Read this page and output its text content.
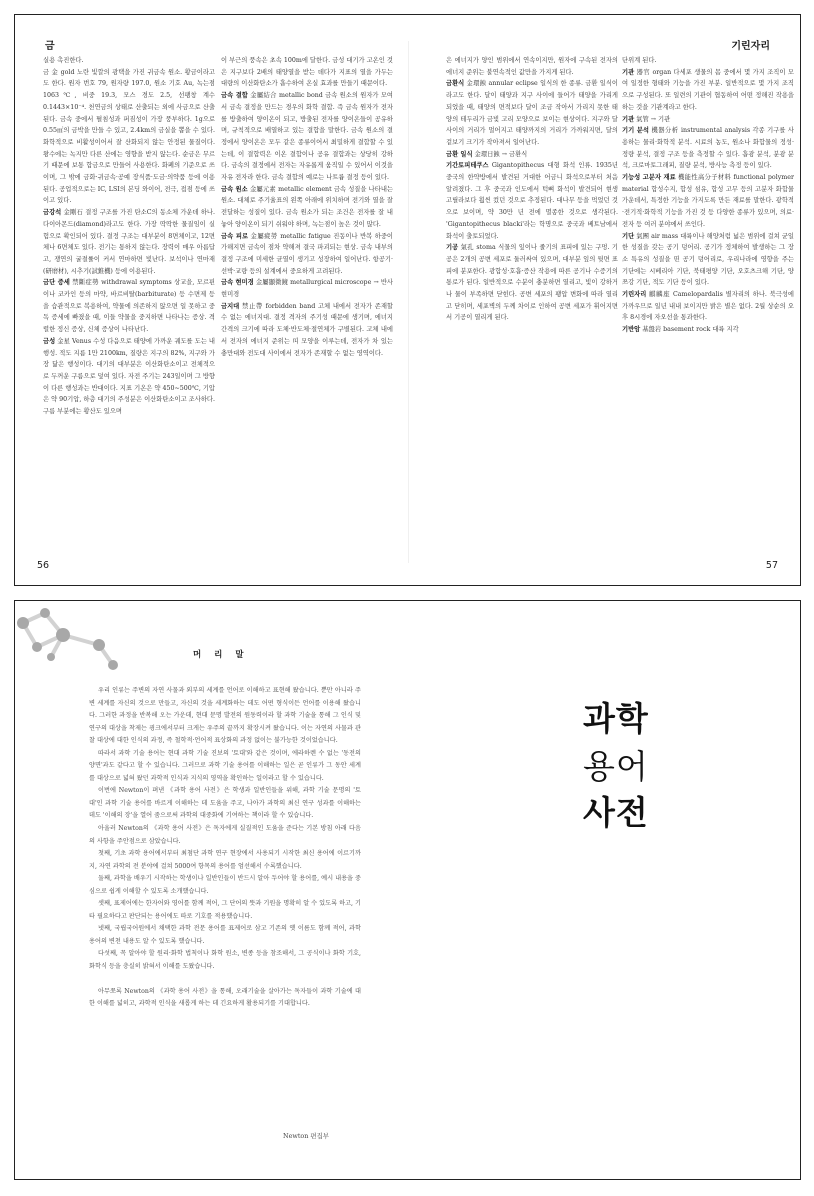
금	기린자리

실용 촉진한다.

금 金 gold 노란 빛깔의 광택을 가진 귀금속 원소. 황금이라고도 한다. 원자 번호 79, 원자량 197.0, 원소 기호 Au, 녹는점 1063℃, 비중 19.3, 모스 경도 2.5, 선팽창 계수 0.1443×10⁻⁴. 천연금의 상태로 산출되는 외에 사금으로 산출된다. 금속 중에서 펼침성과 퍼짐성이 가장 풍부하다. 1g으로 0.55㎡의 금박을 만들 수 있고, 2.4km의 금실을 뽑을 수 있다. 화학적으로 비활성이어서 잘 산화되지 않는 안정된 물질이다. 왕수에는 녹지만 다른 산에는 영향을 받지 않는다. 순금은 무르기 때문에 보통 합금으로 만들어 사용한다. 화폐의 기준으로 쓰이며, 그 밖에 금화·귀금속·공예 장식품·도금·의약품 등에 이용된다. 공업적으로는 IC, LSI의 본딩 와이어, 전극, 접점 등에 쓰이고 있다.

금강석 金剛石 결정 구조를 가진 탄소C의 동소체 가운데 하나. 다이아몬드(diamond)라고도 한다. 가장 딱딱한 물질임이 실험으로 확인되어 있다. 결정 구조는 대부분이 8면체이고, 12면체나 6면체도 있다. 전기는 통하지 않는다. 장력이 매우 아름답고, 쟁연의 굴절률이 커서 연마하면 빛난다. 보석이나 연마재(研磨材), 시추기(試錐機) 등에 이용된다.

금단 증세 禁斷症勢 withdrawal symptoms 상교을, 모르핀이나 코카인 등의 마약, 바르비탈(barbiturate) 등 수면제 등을 습관적으로 복용하여, 약물에 의존하지 않으면 일 못하고 중독 증세에 빠졌을 때, 이들 약물을 중지하면 나타나는 증상. 격렬한 정신 증상, 신체 증상이 나타난다.

금성 金星 Venus 수성 다음으로 태양에 가까운 궤도를 도는 내행성. 적도 지름 1만 2100km, 질량은 지구의 82%, 지구와 가장 닮은 행성이다. 대기의 대부분은 이산화탄소이고 전체적으로 두꺼운 구름으로 덮여 있다. 자전 주기는 243일이며 그 방향이 다른 행성과는 반대이다. 지표 기온은 약 450~500℃, 기압은 약 90기압, 하층 대기의 주성분은 이산화탄소이고 조사하다. 구름 부분에는 황산도 있으며

이 부근의 풍속은 초속 100m에 달한다. 금성 대기가 고온인 것은 지구보다 2배의 태양열을 받는 데다가 지표의 열을 가두는 대량의 이산화탄소가 흡수하여 온실 효과를 만들기 때문이다.

금속 결합 金屬結合 metallic bond 금속 원소의 원자가 모여서 금속 결정을 만드는 경우의 화학 결합. 즉 금속 원자가 전자를 방출하여 양이온이 되고, 방출된 전자를 양이온들이 공유하며, 규칙적으로 배열하고 있는 결합을 말한다. 금속 원소의 결정에서 양이온은 모두 같은 종류이어서 최밀하게 결합할 수 있는데, 이 결합력은 이온 결합이나 공유 결합과는 상당히 강하다. 금속의 결정에서 전자는 자유롭게 움직일 수 있어서 이것을 자유 전자라 한다. 금속 결합의 예로는 나트륨 결정 등이 있다.

금속 원소 金屬元素 metallic element 금속 성질을 나타내는 원소. 대체로 주기율표의 왼쪽 아래에 위치하며 전기와 열을 잘 전달하는 성질이 있다. 금속 원소가 되는 조건은 전자를 잘 내놓아 양이온이 되기 쉬워야 하며, 녹는점이 높은 것이 많다.

금속 피로 金屬疲勞 metallic fatigue 진동이나 반복 하중이 가해지면 금속이 점차 약해져 결국 파괴되는 현상. 금속 내부의 결정 구조에 미세한 균열이 생기고 성장하여 일어난다. 항공기·선박·교량 등의 설계에서 중요하게 고려된다.

금속 현미경 金屬顯微鏡 metallurgical microscope → 반사 현미경

금지대 禁止帶 forbidden band 고체 내에서 전자가 존재할 수 없는 에너지대. 결정 격자의 주기성 때문에 생기며, 에너지 간격의 크기에 따라 도체·반도체·절연체가 구별된다. 고체 내에서 전자의 에너지 준위는 띠 모양을 이루는데, 전자가 차 있는 충만대와 전도대 사이에서 전자가 존재할 수 없는 영역이다.

은 에너지가 양인 범위에서 연속이지만, 원자에 구속된 전자의 에너지 준위는 불연속적인 값만을 가지게 된다.

금환식 金環蝕 annular eclipse 일식의 한 종류. 금환 일식이라고도 한다. 달이 태양과 지구 사이에 들어가 태양을 가리게 되었을 때, 태양의 면적보다 달이 조금 작아서 가리지 못한 태양의 테두리가 금빛 고리 모양으로 보이는 현상이다. 지구와 달 사이의 거리가 멀어지고 태양까지의 거리가 가까워지면, 달의 겉보기 크기가 작아져서 일어난다.

금환 일식 金環日蝕 → 금환식

기간토피테쿠스 Gigantopithecus 대형 화석 인류. 1935년 중국의 한약방에서 발견된 거대한 어금니 화석으로부터 처음 알려졌다. 그 후 중국과 인도에서 턱뼈 화석이 발견되어 현생 고릴라보다 훨씬 컸던 것으로 추정된다. 대나무 등을 먹었던 것으로 보이며, 약 30만 년 전에 멸종한 것으로 생각된다. 'Gigantopithecus blacki'라는 학명으로 중국과 베트남에서 화석이 출토되었다.

기공 氣孔 stoma 식물의 잎이나 줄기의 표피에 있는 구멍. 기공은 2개의 공변 세포로 둘러싸여 있으며, 대부분 잎의 뒷면 표피에 분포한다. 광합성·호흡·증산 작용에 따른 공기나 수증기의 통로가 된다. 일반적으로 수분이 충분하면 열리고, 빛이 강하거나 물이 부족하면 닫힌다. 공변 세포의 팽압 변화에 따라 열리고 닫히며, 세포벽의 두께 차이로 인하여 공변 세포가 휘어지면서 기공이 열리게 된다.

단위계 된다.

기관 器官 organ 다세포 생물의 몸 중에서 몇 가지 조직이 모여 일정한 형태와 기능을 가진 부분. 일반적으로 몇 가지 조직으로 구성된다. 또 일련의 기관이 협동하여 어떤 정해진 작용을 하는 것을 기관계라고 한다.

기관 氣管 → 기관

기기 분석 機器分析 instrumental analysis 각종 기구를 사용하는 물리·화학적 분석. 시료의 농도, 원소나 화합물의 정성·정량 분석, 결정 구조 등을 측정할 수 있다. 흡광 분석, 분광 분석, 크로마토그래피, 질량 분석, 방사능 측정 등이 있다.

기능성 고분자 재료 機能性高分子材料 functional polymer material 합성수지, 합성 섬유, 합성 고무 등의 고분자 화합물 가운데서, 특정한 기능을 가지도록 만든 재료를 말한다. 광학적·전기적·화학적 기능을 가진 것 등 다양한 종류가 있으며, 의료·전자 등 여러 분야에서 쓰인다.

기단 氣團 air mass 대륙이나 해양처럼 넓은 범위에 걸쳐 균일한 성질을 갖는 공기 덩어리. 공기가 정체하여 발생하는 그 장소 특유의 성질을 띤 공기 덩어리로, 우리나라에 영향을 주는 기단에는 시베리아 기단, 북태평양 기단, 오호츠크해 기단, 양쯔강 기단, 적도 기단 등이 있다.

기린자리 麒麟座 Camelopardalis 별자리의 하나. 북극성에 가까우므로 일년 내내 보이지만 밝은 별은 없다. 2월 상순의 오후 8시경에 자오선을 통과한다.

기반암 基盤岩 basement rock 대륙 지각

56	57
머 리 말

우리 인류는 주변의 자연 사물과 외부의 세계를 언어로 이해하고 표현해 왔습니다. 뿐만 아니라 주변 세계를 자신의 것으로 만들고, 자신의 것을 세계화하는 데도 어떤 형식이든 언어를 이용해 왔습니다. 그러한 과정을 반복해 오는 가운데, 현대 문명 발전의 원동력이라 할 과학 기술을 통해 그 인식 및 연구의 대상을 착제는 굉크에서부터 크게는 우주의 끝까지 확장시켜 왔습니다. 이는 자연의 사물과 관찰 대상에 대한 인식의 과정, 즉 철학적·언어적 표상화의 과정 없이는 불가능한 것이었습니다.

따라서 과학 기술 용어는 현대 과학 기술 진보의 '토대'와 같은 것이며, 에라하렌 수 없는 '동전의 양면'과도 같다고 할 수 있습니다. 그러므로 과학 기술 용어를 이해하는 일은 곧 인류가 그 동안 세계를 대상으로 넓혀 왔던 과학적 인식과 지식의 영역을 확인하는 일이라고 할 수 있습니다.

이번에 Newton이 펴낸 《과학 용어 사전》은 학생과 일반인들을 위해, 과학 기술 문명의 '토대'인 과학 기술 용어를 바르게 이해하는 데 도움을 주고, 나아가 과학의 최신 연구 성과를 이해하는 데도 '이해의 장'을 열어 줌으로써 과학의 대중화에 기여하는 책이라 할 수 있습니다.

아울러 Newton의 《과학 용어 사전》은 독자에게 실질적인 도움을 준다는 기본 방침 아래 다음의 사항을 주안점으로 삼았습니다.

첫째, 기초 과학 용어에서부터 최첨단 과학 연구 현장에서 사용되기 시작한 최신 용어에 이르기까지, 자연 과학의 전 분야에 걸쳐 5000여 항목의 용어를 엄선해서 수록했습니다.

둘째, 과학을 배우기 시작하는 학생이나 일반인들이 반드시 알아 두어야 할 용어를, 예시 내용을 중심으로 쉽게 이해할 수 있도록 소개했습니다.

셋째, 표제어에는 한자어와 영어를 함께 적어, 그 단어의 뜻과 기원을 명확히 알 수 있도록 하고, 기타 필요하다고 판단되는 용어에도 따로 기호를 적용했습니다.

넷째, 국립국어원에서 채택한 과학 전문 용어를 표제어로 삼고 기존의 옛 이름도 함께 적어, 과학 용어의 변천 내용도 알 수 있도록 했습니다.

다섯째, 꼭 알아야 할 원리·화학 법칙이나 화학 원소, 변종 등을 참조해서, 그 공식이나 화학 기호, 화학식 등을 충실히 밝혀서 이해를 도왔습니다.

아무쪼록 Newton의 《과학 용어 사전》을 통해, 오래기술을 살아가는 독자들이 과학 기술에 대한 이해를 넓히고, 과학적 인식을 새롭게 하는 데 긴요하게 활용되기를 기대합니다.

Newton 편집부
과학
용어
사전
